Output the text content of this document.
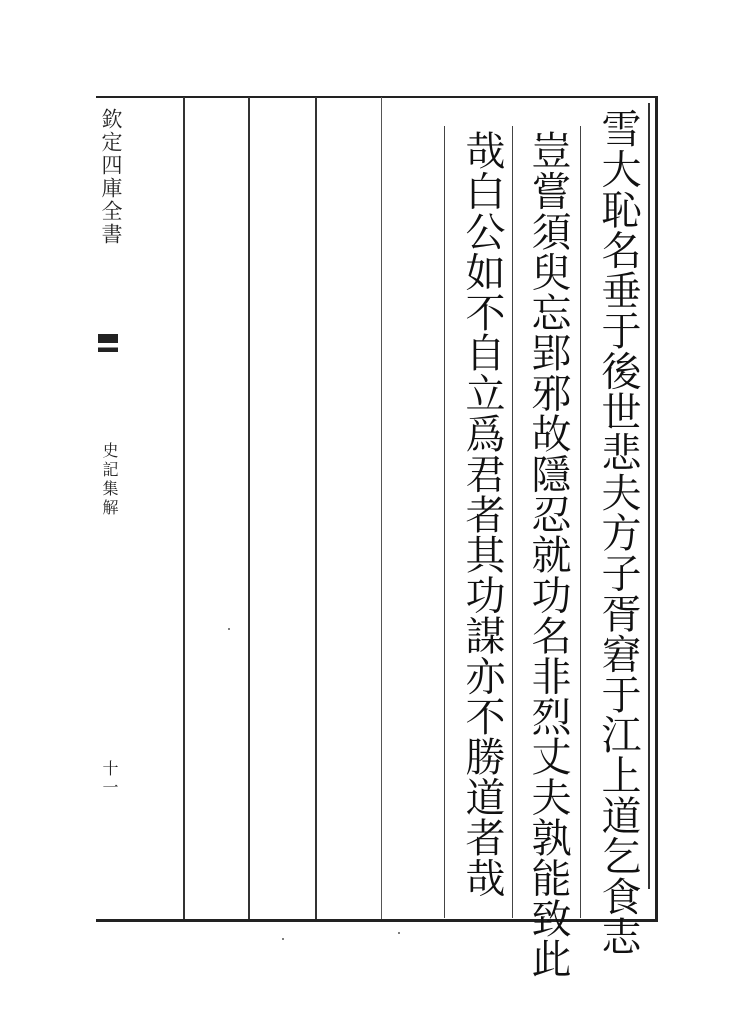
欽定四庫全書
史記集解
十一	雪大恥名垂于後世悲夫方子胥窘于江上道乞食志
豈嘗須臾忘郢邪故隱忍就功名非烈丈夫孰能致此
哉白公如不自立爲君者其功謀亦不勝道者哉
